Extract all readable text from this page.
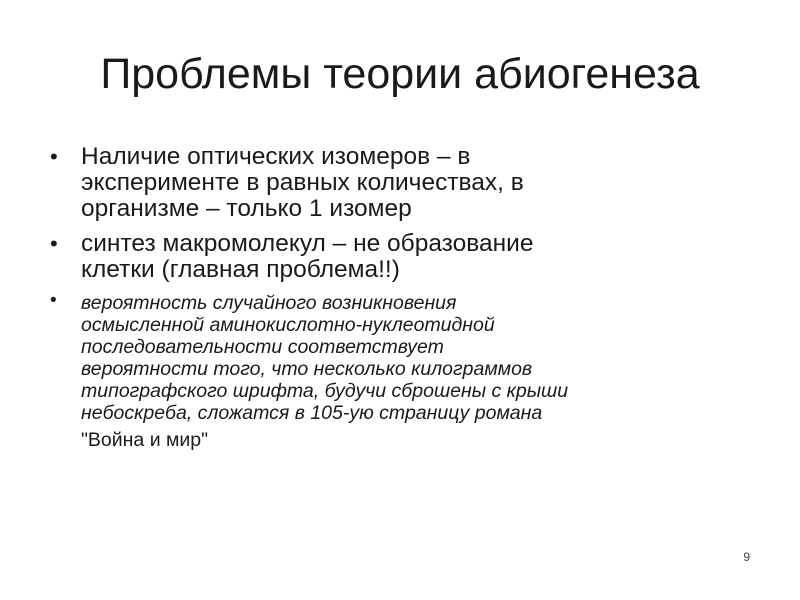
Проблемы теории абиогенеза
• Наличие оптических изомеров – в
эксперименте в равных количествах, в
организме – только 1 изомер
• синтез макромолекул – не образование
клетки (главная проблема!!)
• вероятность случайного возникновения
осмысленной аминокислотно-нуклеотидной
последовательности соответствует
вероятности того, что несколько килограммов
типографского шрифта, будучи сброшены с крыши
небоскреба, сложатся в 105-ую страницу романа
"Война и мир"
9
